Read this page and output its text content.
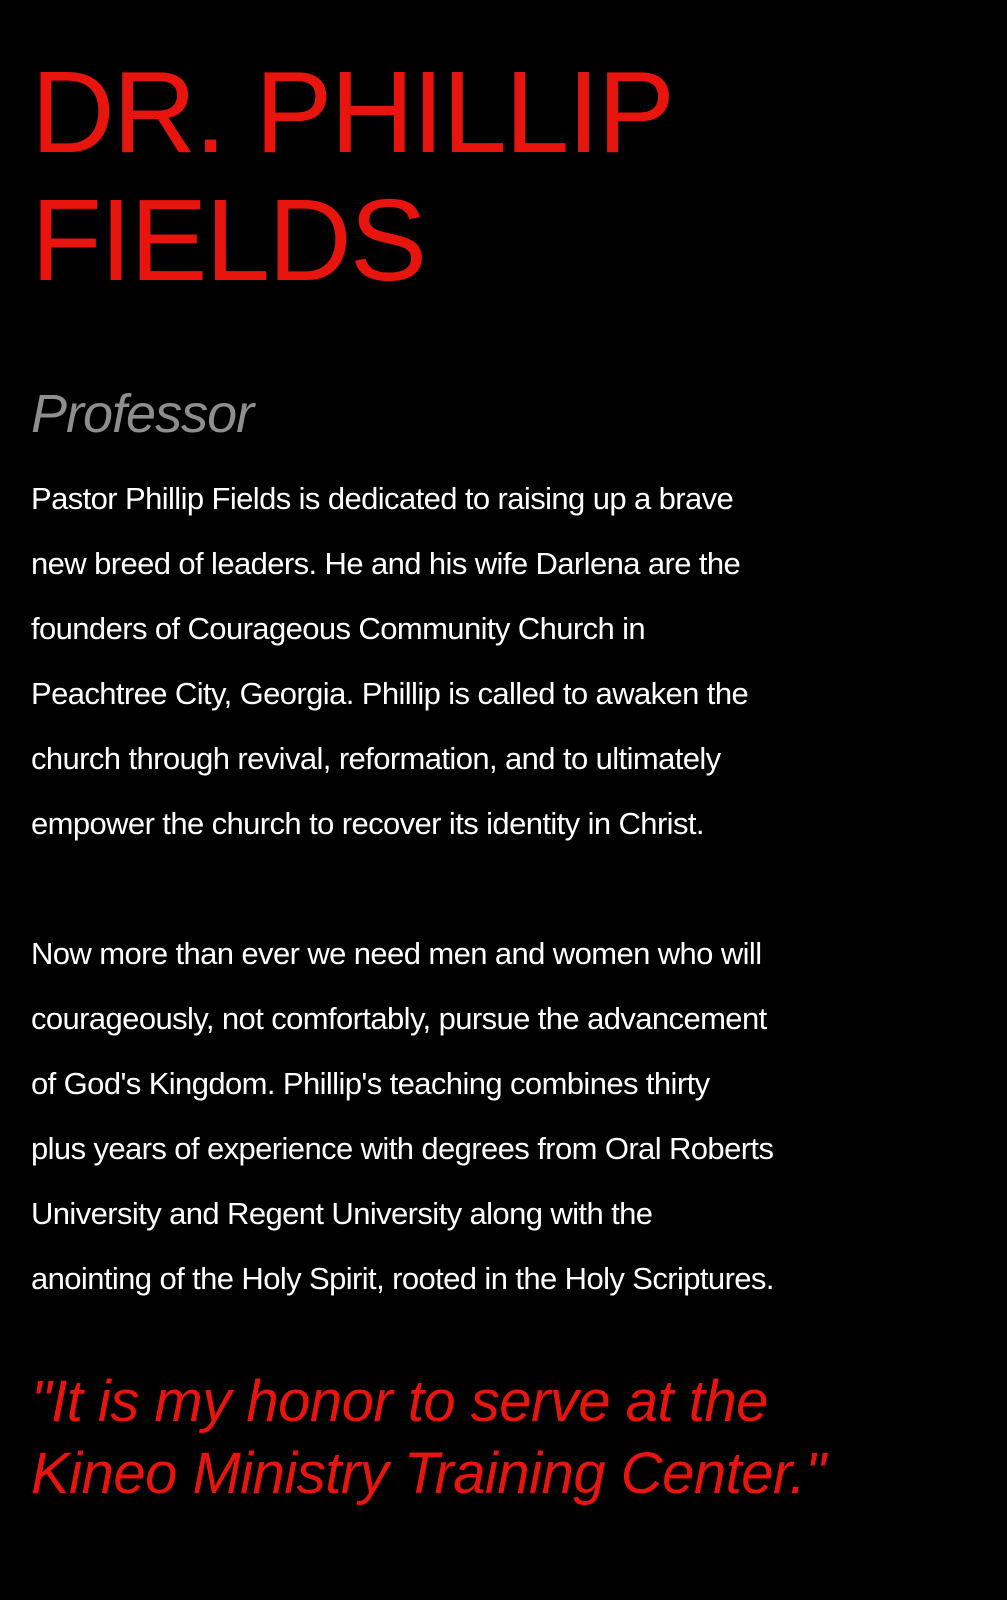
DR. PHILLIP
FIELDS
Professor
Pastor Phillip Fields is dedicated to raising up a brave
new breed of leaders. He and his wife Darlena are the
founders of Courageous Community Church in
Peachtree City, Georgia. Phillip is called to awaken the
church through revival, reformation, and to ultimately
empower the church to recover its identity in Christ.
Now more than ever we need men and women who will
courageously, not comfortably, pursue the advancement
of God's Kingdom. Phillip's teaching combines thirty
plus years of experience with degrees from Oral Roberts
University and Regent University along with the
anointing of the Holy Spirit, rooted in the Holy Scriptures.
"It is my honor to serve at the
Kineo Ministry Training Center."
